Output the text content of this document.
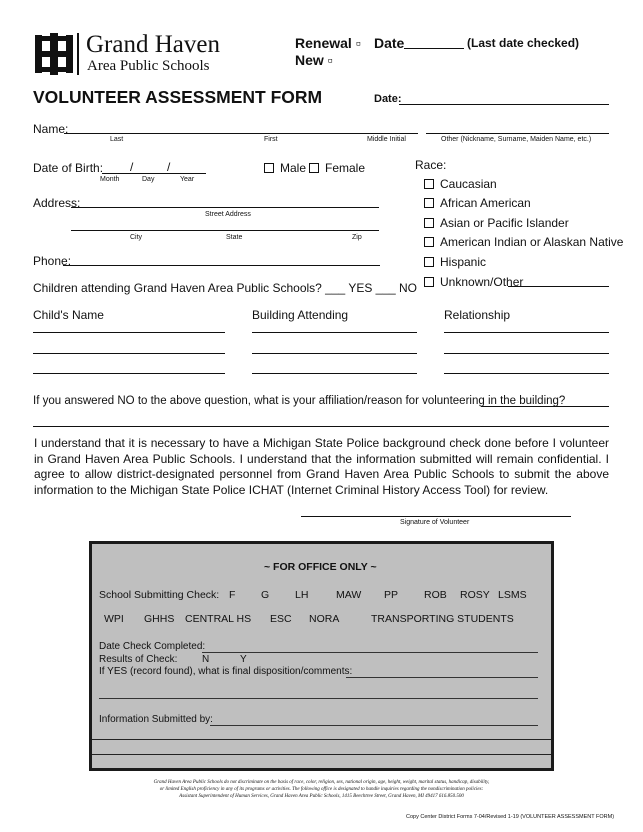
Grand Haven
Area Public Schools
Renewal ▫
New ▫
Date	(Last date checked)
VOLUNTEER ASSESSMENT FORM	Date:
Name:
Last	First	Middle Initial	Other (Nickname, Surname, Maiden Name, etc.)
Date of Birth: /	/
Month	Day	Year
Male	Female	Race:
Caucasian
African American
Asian or Pacific Islander
American Indian or Alaskan Native
Hispanic
Unknown/Other
Address:
Street Address
City	State	Zip
Phone:
Children attending Grand Haven Area Public Schools? ___ YES ___ NO
Child's Name	Building Attending	Relationship
If you answered NO to the above question, what is your affiliation/reason for volunteering in the building?
I understand that it is necessary to have a Michigan State Police background check done before I volunteer in Grand Haven Area Public Schools. I understand that the information submitted will remain confidential. I agree to allow district-designated personnel from Grand Haven Area Public Schools to submit the above information to the Michigan State Police ICHAT (Internet Criminal History Access Tool) for review.
Signature of Volunteer
~ FOR OFFICE ONLY ~
School Submitting Check: F G LH	MAW PP ROB ROSY LSMS
WPI GHHS CENTRAL HS ESC NORA	TRANSPORTING STUDENTS
Date Check Completed:
Results of Check: N	Y
If YES (record found), what is final disposition/comments:
Information Submitted by:
Grand Haven Area Public Schools do not discriminate on the basis of race, color, religion, sex, national origin, age, height, weight, marital status, handicap, disability,
or limited English proficiency in any of its programs or activities. The following office is designated to handle inquiries regarding the nondiscrimination policies:
Assistant Superintendent of Human Services, Grand Haven Area Public Schools, 1415 Beechtree Street, Grand Haven, MI 49417 616.850.500
Copy Center District Forms 7-04/Revised 1-19 (VOLUNTEER ASSESSMENT FORM)
